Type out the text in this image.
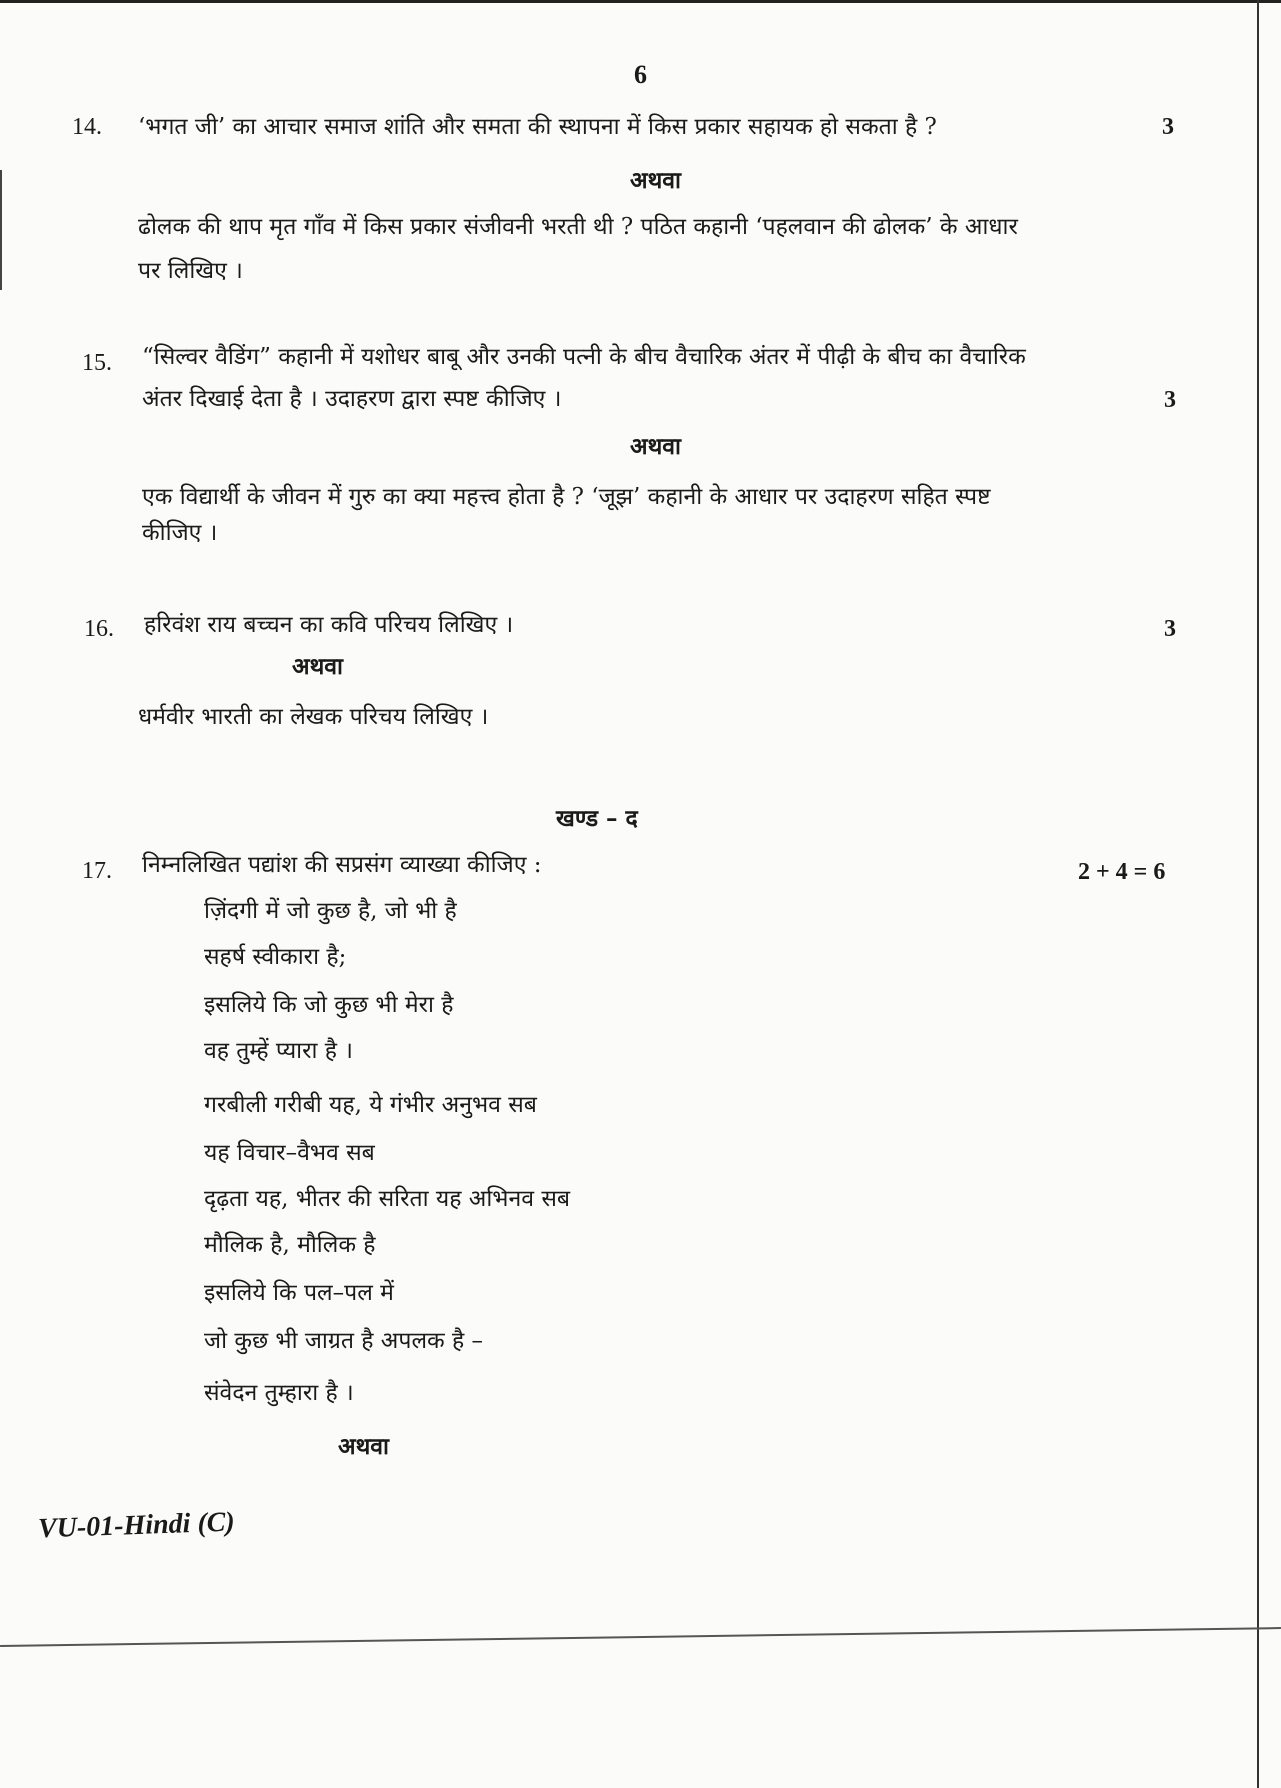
6
14. ‘भगत जी’ का आचार समाज शांति और समता की स्थापना में किस प्रकार सहायक हो सकता है ?	3
अथवा
ढोलक की थाप मृत गाँव में किस प्रकार संजीवनी भरती थी ? पठित कहानी ‘पहलवान की ढोलक’ के आधार
पर लिखिए ।
15. “सिल्वर वैडिंग” कहानी में यशोधर बाबू और उनकी पत्नी के बीच वैचारिक अंतर में पीढ़ी के बीच का वैचारिक
अंतर दिखाई देता है । उदाहरण द्वारा स्पष्ट कीजिए ।	3
अथवा
एक विद्यार्थी के जीवन में गुरु का क्या महत्त्व होता है ? ‘जूझ’ कहानी के आधार पर उदाहरण सहित स्पष्ट
कीजिए ।
16. हरिवंश राय बच्चन का कवि परिचय लिखिए ।	3
अथवा
धर्मवीर भारती का लेखक परिचय लिखिए ।
खण्ड – द
17. निम्नलिखित पद्यांश की सप्रसंग व्याख्या कीजिए :	2 + 4 = 6
ज़िंदगी में जो कुछ है, जो भी है
सहर्ष स्वीकारा है;
इसलिये कि जो कुछ भी मेरा है
वह तुम्हें प्यारा है ।
गरबीली गरीबी यह, ये गंभीर अनुभव सब
यह विचार–वैभव सब
दृढ़ता यह, भीतर की सरिता यह अभिनव सब
मौलिक है, मौलिक है
इसलिये कि पल–पल में
जो कुछ भी जाग्रत है अपलक है –
संवेदन तुम्हारा है ।
अथवा
VU-01-Hindi (C)
